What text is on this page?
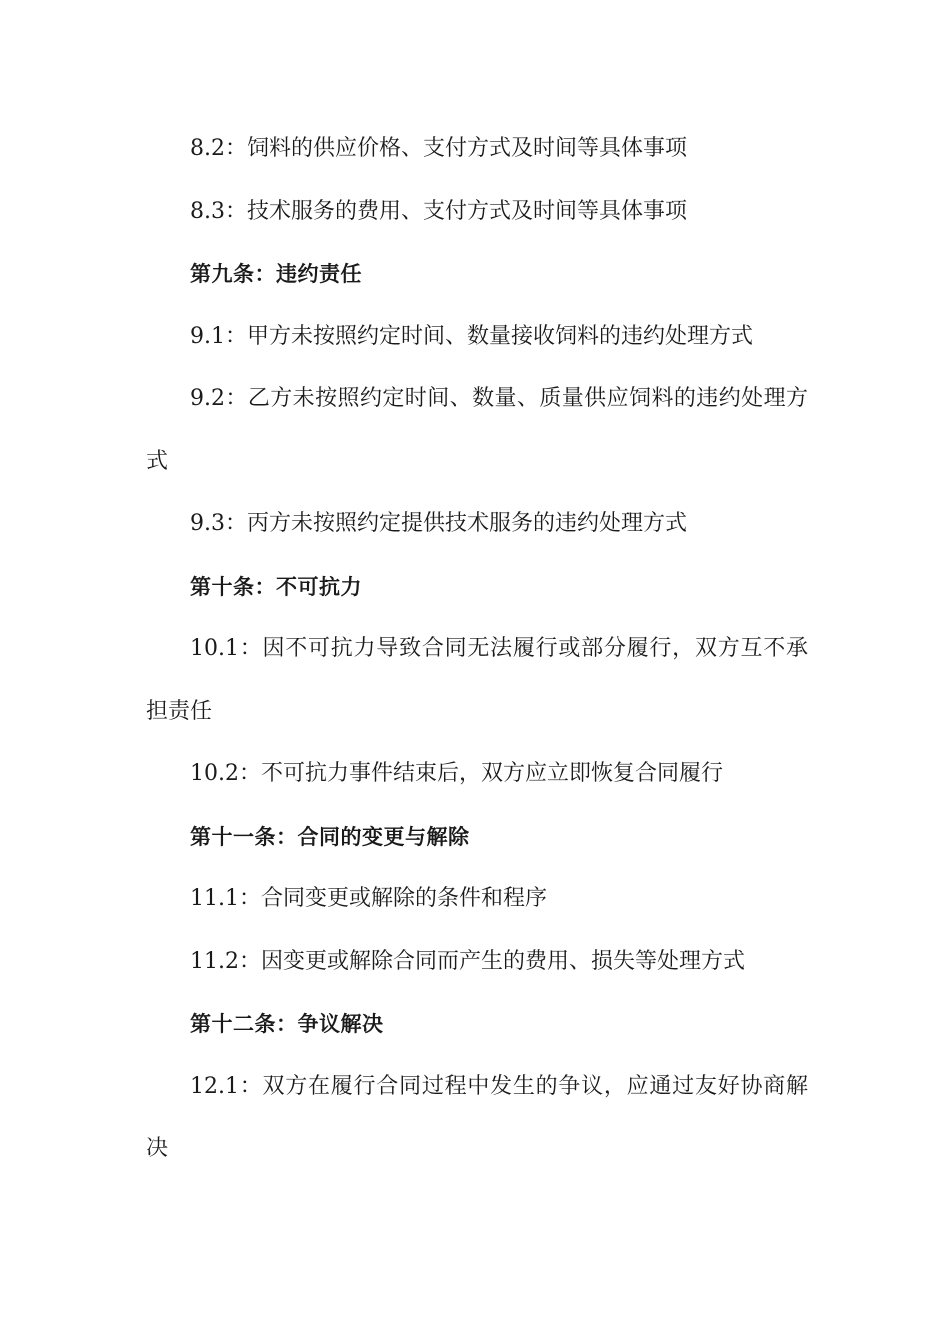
8.2：饲料的供应价格、支付方式及时间等具体事项
8.3：技术服务的费用、支付方式及时间等具体事项
第九条：违约责任
9.1：甲方未按照约定时间、数量接收饲料的违约处理方式
9.2：乙方未按照约定时间、数量、质量供应饲料的违约处理方
式
9.3：丙方未按照约定提供技术服务的违约处理方式
第十条：不可抗力
10.1：因不可抗力导致合同无法履行或部分履行，双方互不承
担责任
10.2：不可抗力事件结束后，双方应立即恢复合同履行
第十一条：合同的变更与解除
11.1：合同变更或解除的条件和程序
11.2：因变更或解除合同而产生的费用、损失等处理方式
第十二条：争议解决
12.1：双方在履行合同过程中发生的争议，应通过友好协商解
决
